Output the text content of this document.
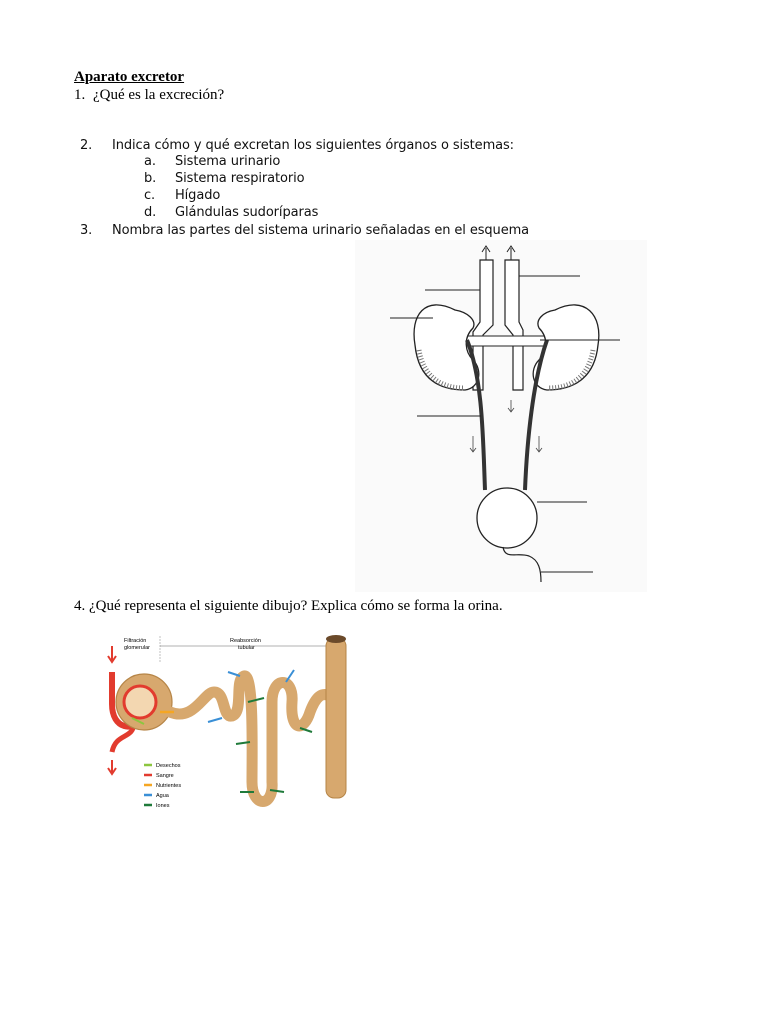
Aparato excretor
1. ¿Qué es la excreción?
2. Indica cómo y qué excretan los siguientes órganos o sistemas:
a. Sistema urinario
b. Sistema respiratorio
c. Hígado
d. Glándulas sudoríparas
3. Nombra las partes del sistema urinario señaladas en el esquema
4. ¿Qué representa el siguiente dibujo? Explica cómo se forma la orina.
Filtración
glomerular
Reabsorción
tubular
Desechos
Sangre
Nutrientes
Agua
Iones
